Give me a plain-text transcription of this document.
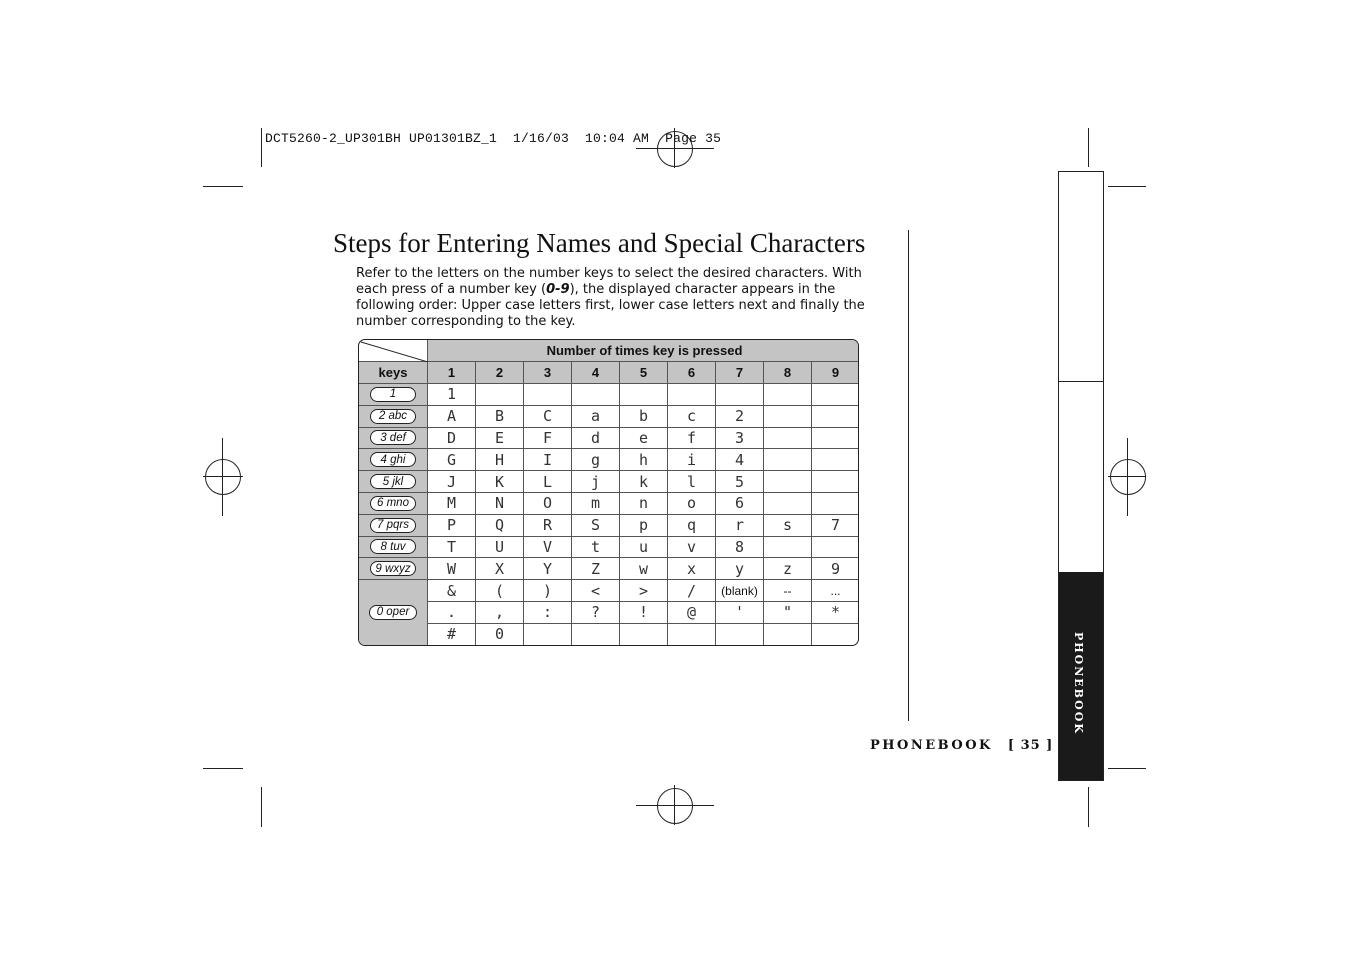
DCT5260-2_UP301BH UP01301BZ_1  1/16/03  10:04 AM  Page 35
Steps for Entering Names and Special Characters

Refer to the letters on the number keys to select the desired characters. With each press of a number key (0-9), the displayed character appears in the following order: Upper case letters first, lower case letters next and finally the number corresponding to the key.

PHONEBOOK
PHONEBOOK [ 35 ]
Number of times key is pressed
keys	1	2	3	4	5	6	7	8	9
1	1
2 abc	A	B	C	a	b	c	2
3 def	D	E	F	d	e	f	3
4 ghi	G	H	I	g	h	i	4
5 jkl	J	K	L	j	k	l	5
6 mno	M	N	O	m	n	o	6
7 pqrs	P	Q	R	S	p	q	r	s	7
8 tuv	T	U	V	t	u	v	8
9 wxyz	W	X	Y	Z	w	x	y	z	9
0 oper
&	(	)	<	>	/	(blank)	--	...
.	,	:	?	!	@	'	"	*
#	0
